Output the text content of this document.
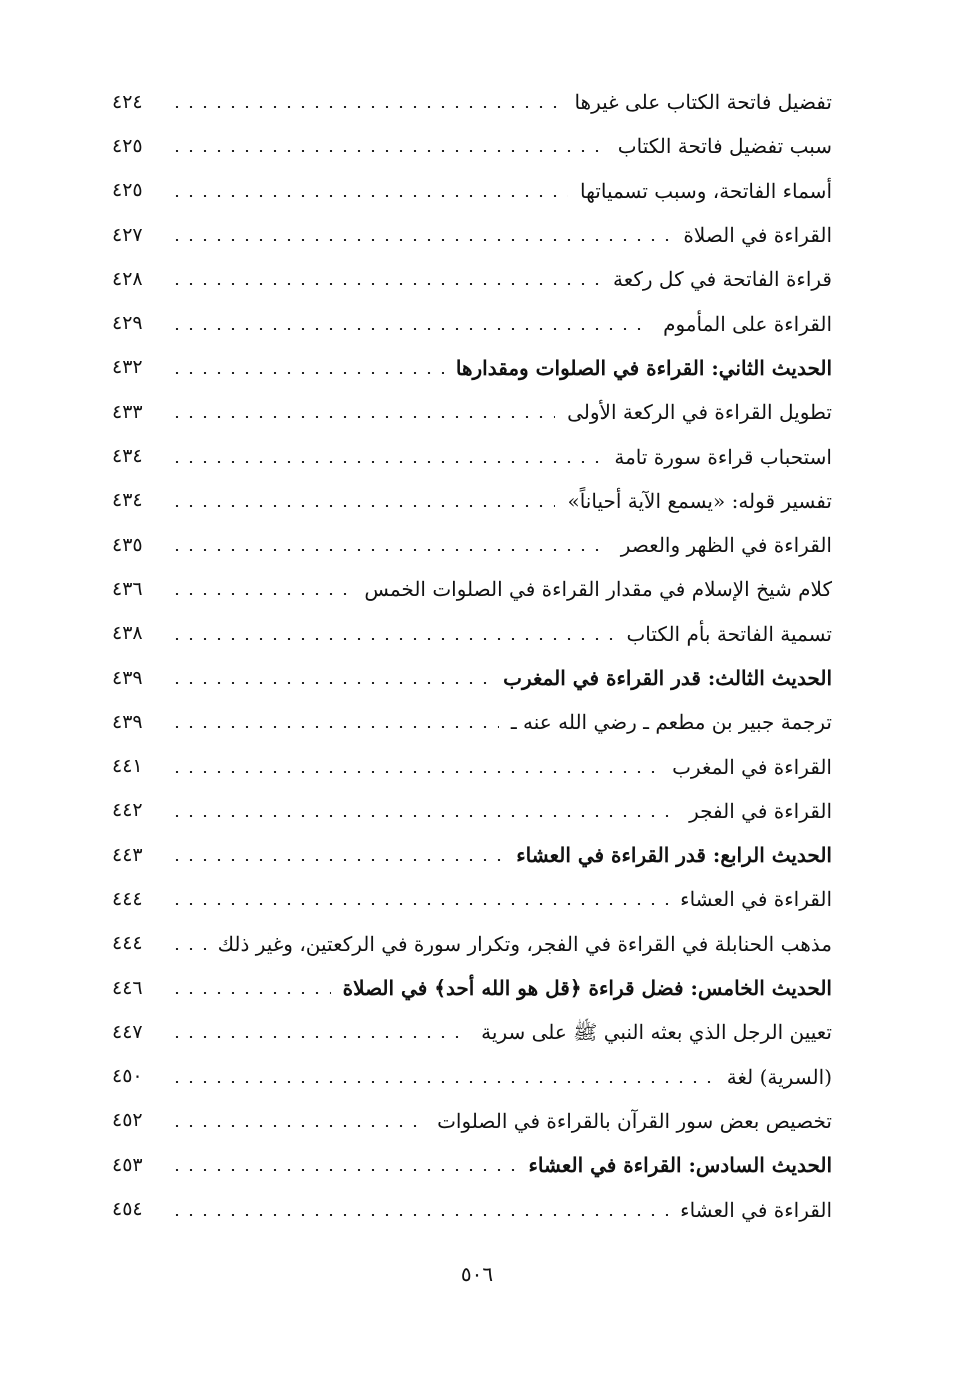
تفضيل فاتحة الكتاب على غيرها
٤٢٤
سبب تفضيل فاتحة الكتاب
٤٢٥
أسماء الفاتحة، وسبب تسمياتها
٤٢٥
القراءة في الصلاة
٤٢٧
قراءة الفاتحة في كل ركعة
٤٢٨
القراءة على المأموم
٤٢٩
الحديث الثاني: القراءة في الصلوات ومقدارها
٤٣٢
تطويل القراءة في الركعة الأولى
٤٣٣
استحباب قراءة سورة تامة
٤٣٤
تفسير قوله: «يسمع الآية أحياناً»
٤٣٤
القراءة في الظهر والعصر
٤٣٥
كلام شيخ الإسلام في مقدار القراءة في الصلوات الخمس
٤٣٦
تسمية الفاتحة بأم الكتاب
٤٣٨
الحديث الثالث: قدر القراءة في المغرب
٤٣٩
ترجمة جبير بن مطعم ـ رضي الله عنه ـ
٤٣٩
القراءة في المغرب
٤٤١
القراءة في الفجر
٤٤٢
الحديث الرابع: قدر القراءة في العشاء
٤٤٣
القراءة في العشاء
٤٤٤
مذهب الحنابلة في القراءة في الفجر، وتكرار سورة في الركعتين، وغير ذلك
٤٤٤
الحديث الخامس: فضل قراءة ﴿قل هو الله أحد﴾ في الصلاة
٤٤٦
تعيين الرجل الذي بعثه النبي ﷺ على سرية
٤٤٧
(السرية) لغة
٤٥٠
تخصيص بعض سور القرآن بالقراءة في الصلوات
٤٥٢
الحديث السادس: القراءة في العشاء
٤٥٣
القراءة في العشاء
٤٥٤
٥٠٦
